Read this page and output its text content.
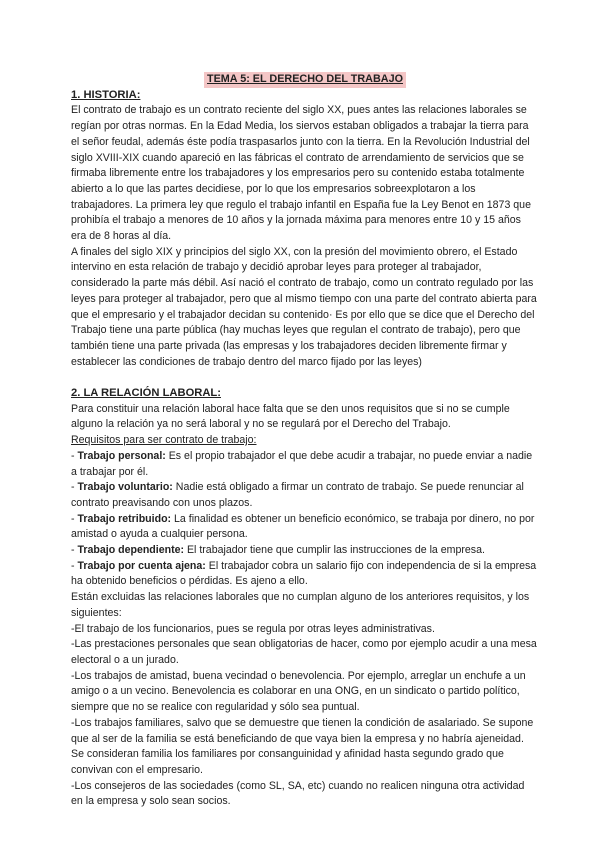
TEMA 5: EL DERECHO DEL TRABAJO
1. HISTORIA:

El contrato de trabajo es un contrato reciente del siglo XX, pues antes las relaciones laborales se regían por otras normas. En la Edad Media, los siervos estaban obligados a trabajar la tierra para el señor feudal, además éste podía traspasarlos junto con la tierra. En la Revolución Industrial del siglo XVIII-XIX cuando apareció en las fábricas el contrato de arrendamiento de servicios que se firmaba libremente entre los trabajadores y los empresarios pero su contenido estaba totalmente abierto a lo que las partes decidiese, por lo que los empresarios sobreexplotaron a los trabajadores. La primera ley que regulo el trabajo infantil en España fue la Ley Benot en 1873 que prohibía el trabajo a menores de 10 años y la jornada máxima para menores entre 10 y 15 años era de 8 horas al día.

A finales del siglo XIX y principios del siglo XX, con la presión del movimiento obrero, el Estado intervino en esta relación de trabajo y decidió aprobar leyes para proteger al trabajador, considerado la parte más débil. Así nació el contrato de trabajo, como un contrato regulado por las leyes para proteger al trabajador, pero que al mismo tiempo con una parte del contrato abierta para que el empresario y el trabajador decidan su contenido· Es por ello que se dice que el Derecho del Trabajo tiene una parte pública (hay muchas leyes que regulan el contrato de trabajo), pero que también tiene una parte privada (las empresas y los trabajadores deciden libremente firmar y establecer las condiciones de trabajo dentro del marco fijado por las leyes)

2. LA RELACIÓN LABORAL:

Para constituir una relación laboral hace falta que se den unos requisitos que si no se cumple alguno la relación ya no será laboral y no se regulará por el Derecho del Trabajo.

Requisitos para ser contrato de trabajo:

- Trabajo personal: Es el propio trabajador el que debe acudir a trabajar, no puede enviar a nadie a trabajar por él.

- Trabajo voluntario: Nadie está obligado a firmar un contrato de trabajo. Se puede renunciar al contrato preavisando con unos plazos.

- Trabajo retribuido: La finalidad es obtener un beneficio económico, se trabaja por dinero, no por amistad o ayuda a cualquier persona.

- Trabajo dependiente: El trabajador tiene que cumplir las instrucciones de la empresa.

- Trabajo por cuenta ajena: El trabajador cobra un salario fijo con independencia de si la empresa ha obtenido beneficios o pérdidas. Es ajeno a ello.

Están excluidas las relaciones laborales que no cumplan alguno de los anteriores requisitos, y los siguientes:

-El trabajo de los funcionarios, pues se regula por otras leyes administrativas.

-Las prestaciones personales que sean obligatorias de hacer, como por ejemplo acudir a una mesa electoral o a un jurado.

-Los trabajos de amistad, buena vecindad o benevolencia. Por ejemplo, arreglar un enchufe a un amigo o a un vecino. Benevolencia es colaborar en una ONG, en un sindicato o partido político, siempre que no se realice con regularidad y sólo sea puntual.

-Los trabajos familiares, salvo que se demuestre que tienen la condición de asalariado. Se supone que al ser de la familia se está beneficiando de que vaya bien la empresa y no habría ajeneidad. Se consideran familia los familiares por consanguinidad y afinidad hasta segundo grado que convivan con el empresario.

-Los consejeros de las sociedades (como SL, SA, etc) cuando no realicen ninguna otra actividad en la empresa y solo sean socios.
